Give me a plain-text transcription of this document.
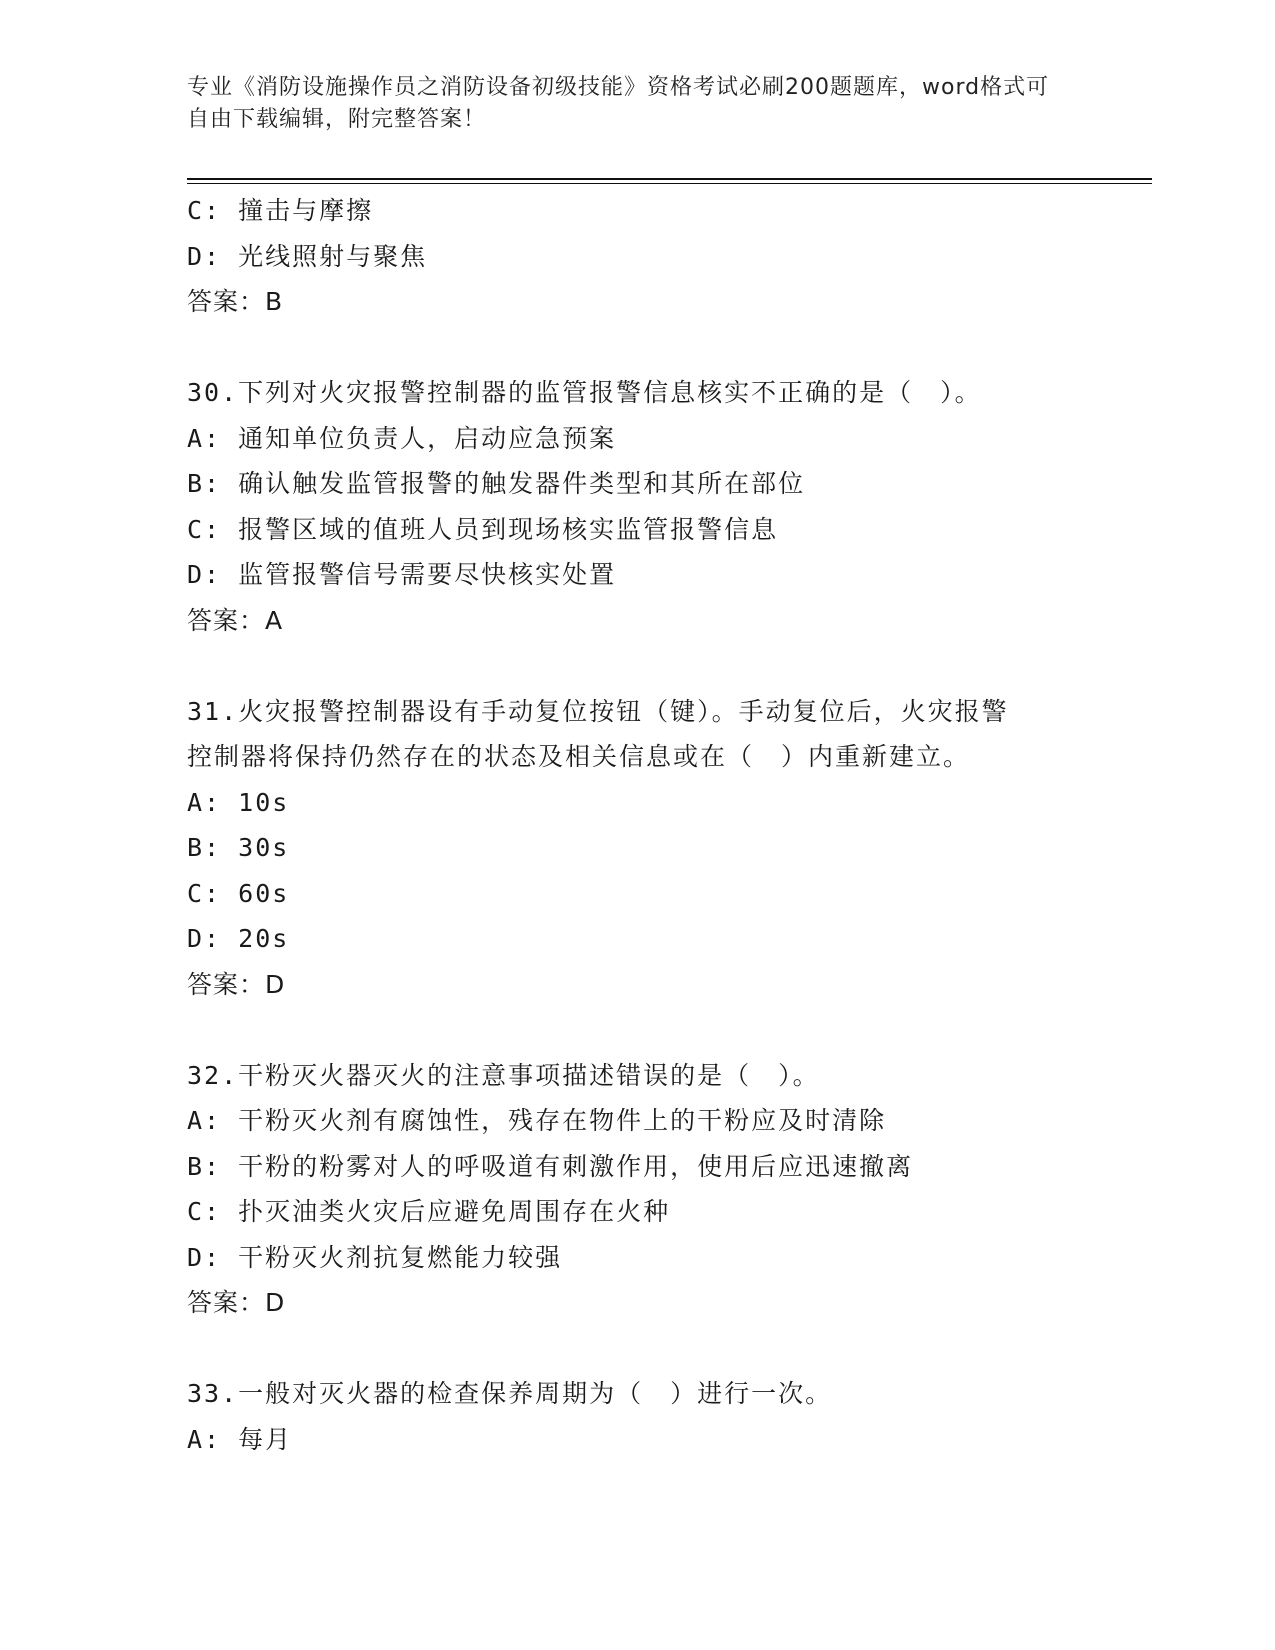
专业《消防设施操作员之消防设备初级技能》资格考试必刷200题题库，word格式可自由下载编辑，附完整答案！
C: 撞击与摩擦
D: 光线照射与聚焦
答案：B
30.下列对火灾报警控制器的监管报警信息核实不正确的是（　）。
A: 通知单位负责人，启动应急预案
B: 确认触发监管报警的触发器件类型和其所在部位
C: 报警区域的值班人员到现场核实监管报警信息
D: 监管报警信号需要尽快核实处置
答案：A
31.火灾报警控制器设有手动复位按钮（键）。手动复位后，火灾报警
控制器将保持仍然存在的状态及相关信息或在（　）内重新建立。
A: 10s
B: 30s
C: 60s
D: 20s
答案：D
32.干粉灭火器灭火的注意事项描述错误的是（　）。
A: 干粉灭火剂有腐蚀性，残存在物件上的干粉应及时清除
B: 干粉的粉雾对人的呼吸道有刺激作用，使用后应迅速撤离
C: 扑灭油类火灾后应避免周围存在火种
D: 干粉灭火剂抗复燃能力较强
答案：D
33.一般对灭火器的检查保养周期为（　）进行一次。
A: 每月
